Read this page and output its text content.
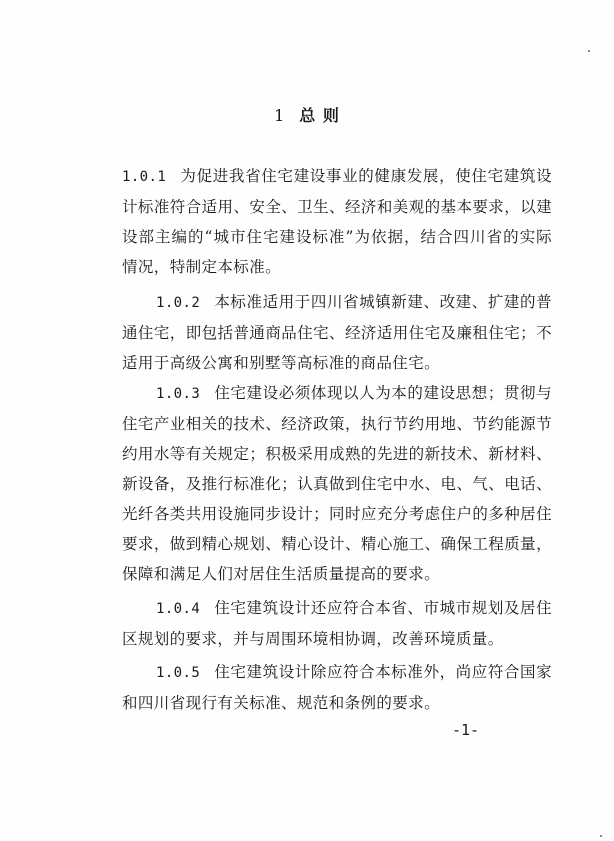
1 总 则
1.0.1 为促进我省住宅建设事业的健康发展，使住宅建筑设计标准符合适用、安全、卫生、经济和美观的基本要求，以建设部主编的“城市住宅建设标准”为依据，结合四川省的实际情况，特制定本标准。
1.0.2 本标准适用于四川省城镇新建、改建、扩建的普通住宅，即包括普通商品住宅、经济适用住宅及廉租住宅；不适用于高级公寓和别墅等高标准的商品住宅。
1.0.3 住宅建设必须体现以人为本的建设思想；贯彻与住宅产业相关的技术、经济政策，执行节约用地、节约能源节约用水等有关规定；积极采用成熟的先进的新技术、新材料、新设备，及推行标准化；认真做到住宅中水、电、气、电话、光纤各类共用设施同步设计；同时应充分考虑住户的多种居住要求，做到精心规划、精心设计、精心施工、确保工程质量，保障和满足人们对居住生活质量提高的要求。
1.0.4 住宅建筑设计还应符合本省、市城市规划及居住区规划的要求，并与周围环境相协调，改善环境质量。
1.0.5 住宅建筑设计除应符合本标准外，尚应符合国家和四川省现行有关标准、规范和条例的要求。
-1-
